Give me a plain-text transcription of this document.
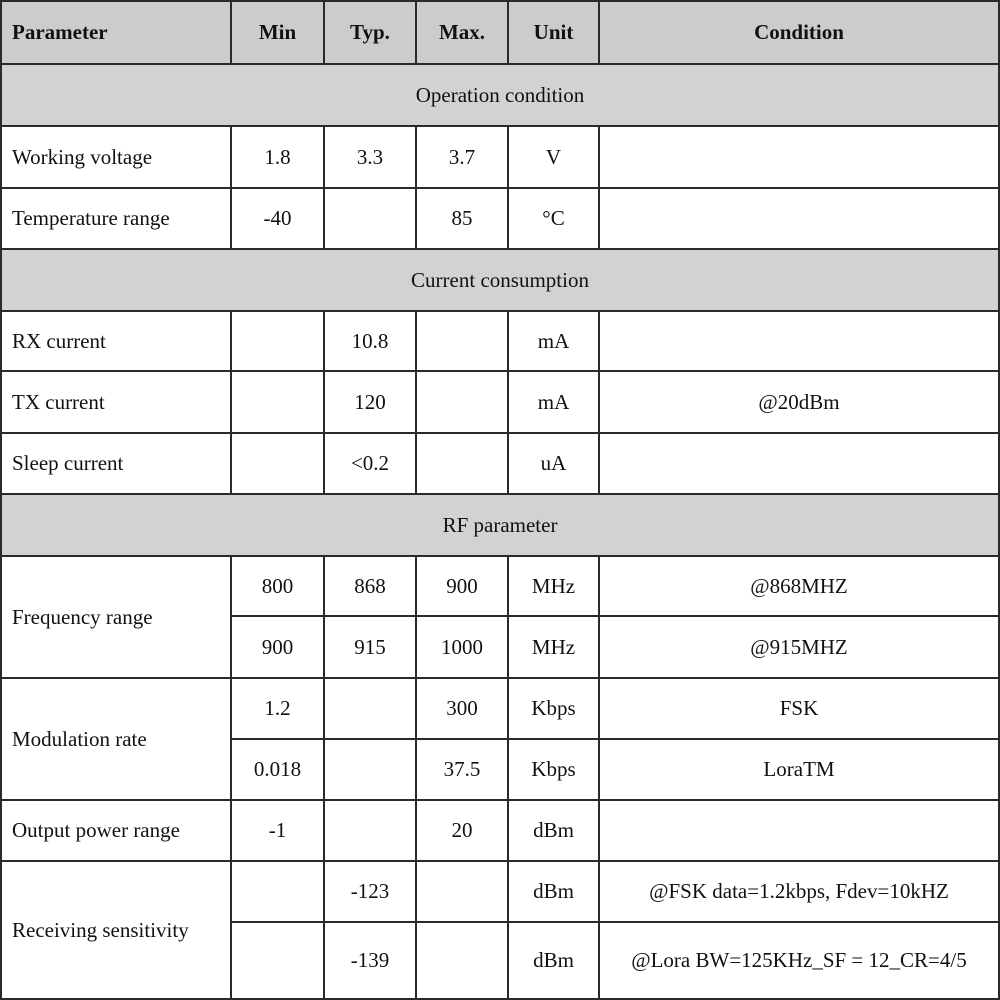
Parameter	Min	Typ.	Max.	Unit	Condition
Operation condition					
Working voltage	1.8	3.3	3.7	V	
Temperature range	-40		85	°C	
Current consumption					
RX current		10.8		mA	
TX current		120		mA	@20dBm
Sleep current		<0.2		uA	
RF parameter					
Frequency range	800	868	900	MHz	@868MHZ
	900	915	1000	MHz	@915MHZ
Modulation rate	1.2		300	Kbps	FSK
	0.018		37.5	Kbps	LoraTM
Output power range	-1		20	dBm	
Receiving sensitivity		-123		dBm	@FSK data=1.2kbps, Fdev=10kHZ
		-139		dBm	@Lora BW=125KHz_SF = 12_CR=4/5
